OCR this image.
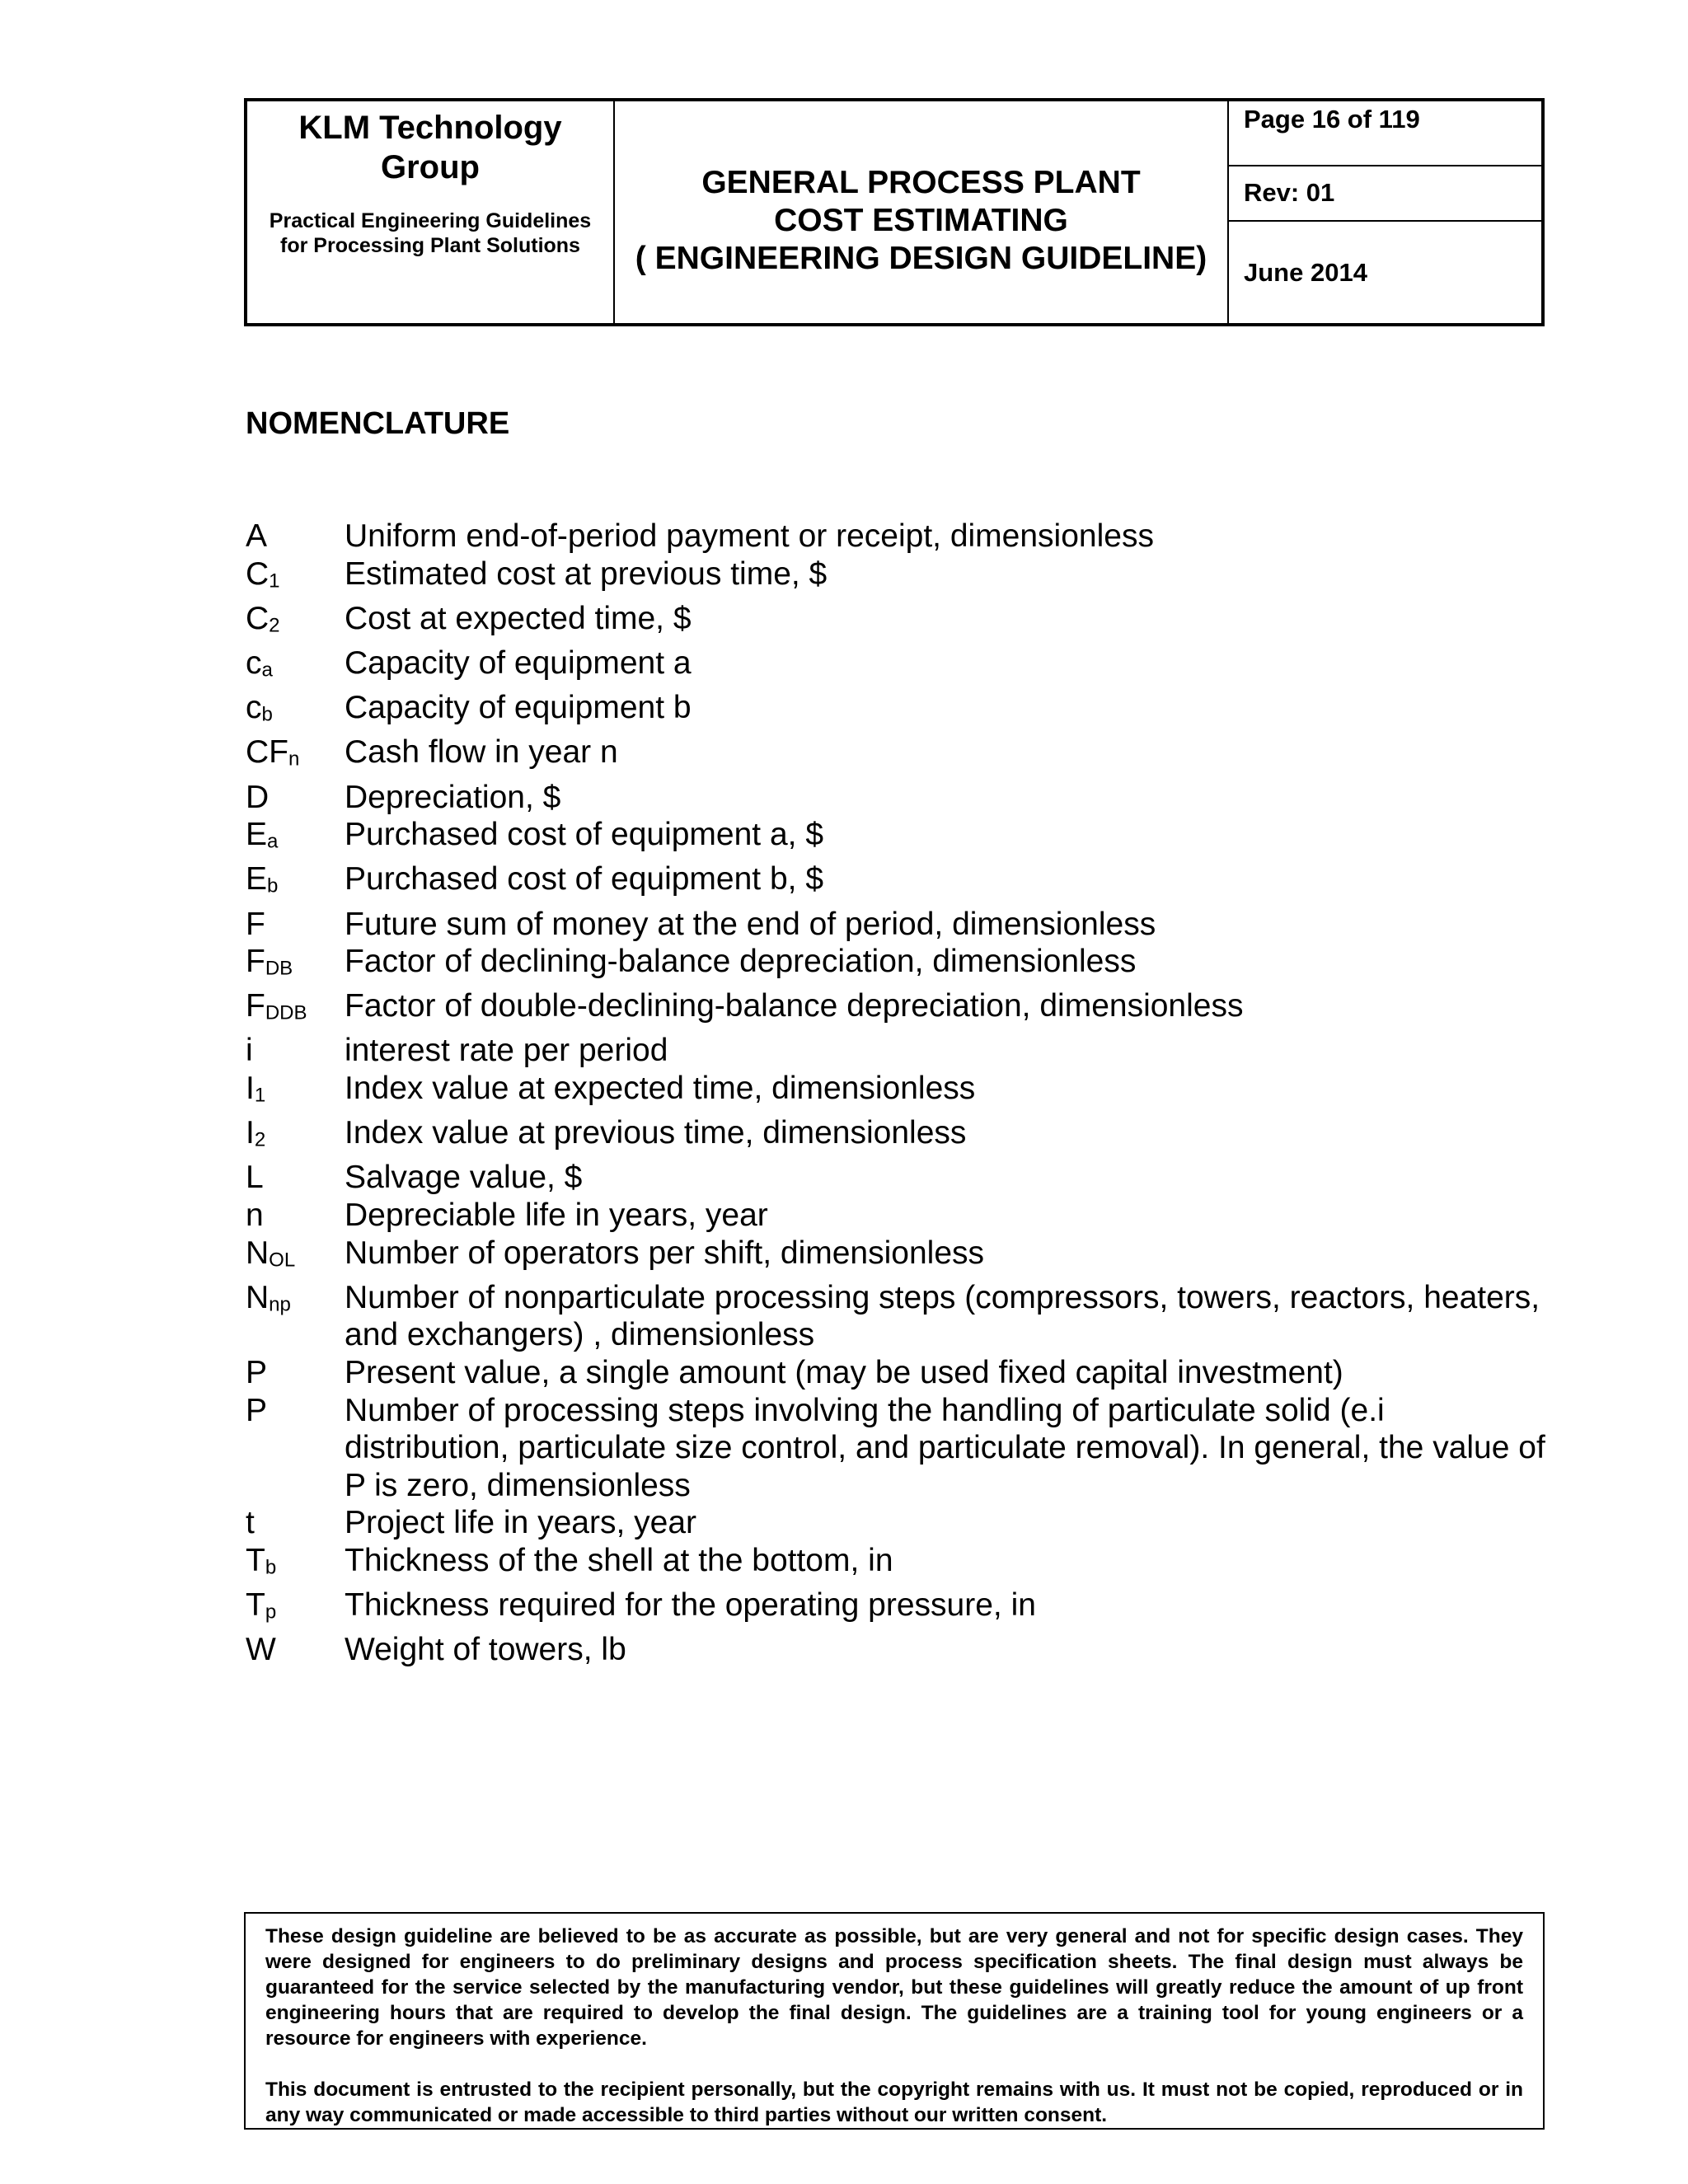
KLM Technology Group
Practical Engineering Guidelines for Processing Plant Solutions
GENERAL PROCESS PLANT
COST ESTIMATING
( ENGINEERING DESIGN GUIDELINE)
Page 16 of 119
Rev: 01
June 2014
NOMENCLATURE
A	Uniform end-of-period payment or receipt, dimensionless
$C_1$	Estimated cost at previous time, $
$C_2$	Cost at expected time, $
$c_a$	Capacity of equipment a
$c_b$	Capacity of equipment b
$CF_n$	Cash flow in year n
D	Depreciation, $
$E_a$	Purchased cost of equipment a, $
$E_b$	Purchased cost of equipment b, $
F	Future sum of money at the end of period, dimensionless
$F_{DB}$	Factor of declining-balance depreciation, dimensionless
$F_{DDB}$	Factor of double-declining-balance depreciation, dimensionless
i	interest rate per period
$I_1$	Index value at expected time, dimensionless
$I_2$	Index value at previous time, dimensionless
L	Salvage value, $
n	Depreciable life in years, year
$N_{OL}$	Number of operators per shift, dimensionless
$N_{np}$	Number of nonparticulate processing steps (compressors, towers, reactors, heaters, and exchangers) , dimensionless
P	Present value, a single amount (may be used fixed capital investment)
P	Number of processing steps involving the handling of particulate solid (e.i distribution, particulate size control, and particulate removal). In general, the value of P is zero, dimensionless
t	Project life in years, year
$T_b$	Thickness of the shell at the bottom, in
$T_p$	Thickness required for the operating pressure, in
W	Weight of towers, lb

These design guideline are believed to be as accurate as possible, but are very general and not for specific design cases. They were designed for engineers to do preliminary designs and process specification sheets. The final design must always be guaranteed for the service selected by the manufacturing vendor, but these guidelines will greatly reduce the amount of up front engineering hours that are required to develop the final design. The guidelines are a training tool for young engineers or a resource for engineers with experience.

This document is entrusted to the recipient personally, but the copyright remains with us. It must not be copied, reproduced or in any way communicated or made accessible to third parties without our written consent.
